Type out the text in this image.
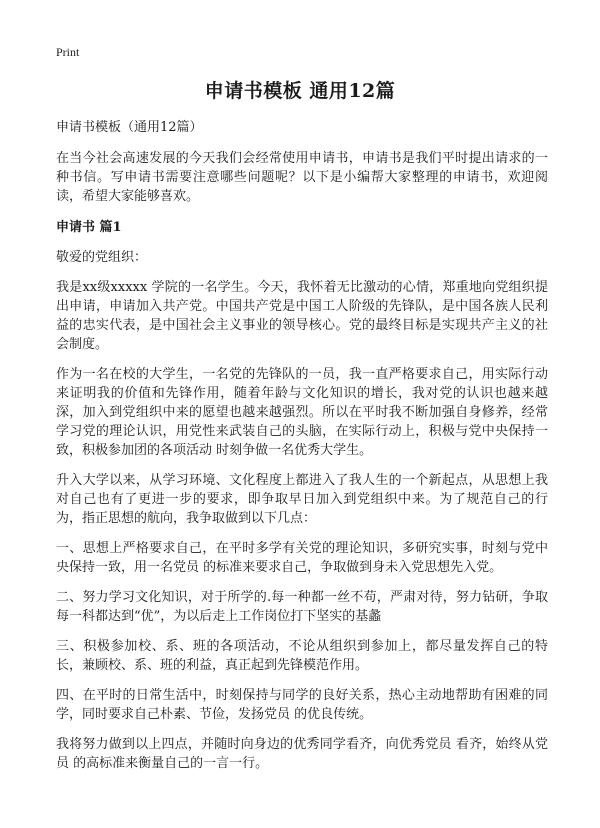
Print
申请书模板 通用12篇

申请书模板（通用12篇）

在当今社会高速发展的今天我们会经常使用申请书，申请书是我们平时提出请求的一种书信。写申请书需要注意哪些问题呢？以下是小编帮大家整理的申请书，欢迎阅读，希望大家能够喜欢。

申请书 篇1

敬爱的党组织：

我是xx级xxxxx 学院的一名学生。今天，我怀着无比激动的心情，郑重地向党组织提出申请，申请加入共产党。中国共产党是中国工人阶级的先锋队，是中国各族人民利益的忠实代表，是中国社会主义事业的领导核心。党的最终目标是实现共产主义的社会制度。

作为一名在校的大学生，一名党的先锋队的一员，我一直严格要求自己，用实际行动来证明我的价值和先锋作用，随着年龄与文化知识的增长，我对党的认识也越来越深，加入到党组织中来的愿望也越来越强烈。所以在平时我不断加强自身修养，经常学习党的理论认识，用党性来武装自己的头脑，在实际行动上，积极与党中央保持一致，积极参加团的各项活动 时刻争做一名优秀大学生。

升入大学以来，从学习环境、文化程度上都进入了我人生的一个新起点，从思想上我对自己也有了更进一步的要求，即争取早日加入到党组织中来。为了规范自己的行为，指正思想的航向，我争取做到以下几点：

一、思想上严格要求自己，在平时多学有关党的理论知识，多研究实事，时刻与党中央保持一致，用一名党员 的标准来要求自己，争取做到身未入党思想先入党。

二、努力学习文化知识，对于所学的.每一种都一丝不苟，严肃对待，努力钻研，争取每一科都达到“优”，为以后走上工作岗位打下坚实的基蠡

三、积极参加校、系、班的各项活动，不论从组织到参加上，都尽量发挥自己的特长，兼顾校、系、班的利益，真正起到先锋模范作用。

四、在平时的日常生活中，时刻保持与同学的良好关系，热心主动地帮助有困难的同学，同时要求自己朴素、节俭，发扬党员 的优良传统。

我将努力做到以上四点，并随时向身边的优秀同学看齐，向优秀党员 看齐，始终从党员 的高标准来衡量自己的一言一行。
